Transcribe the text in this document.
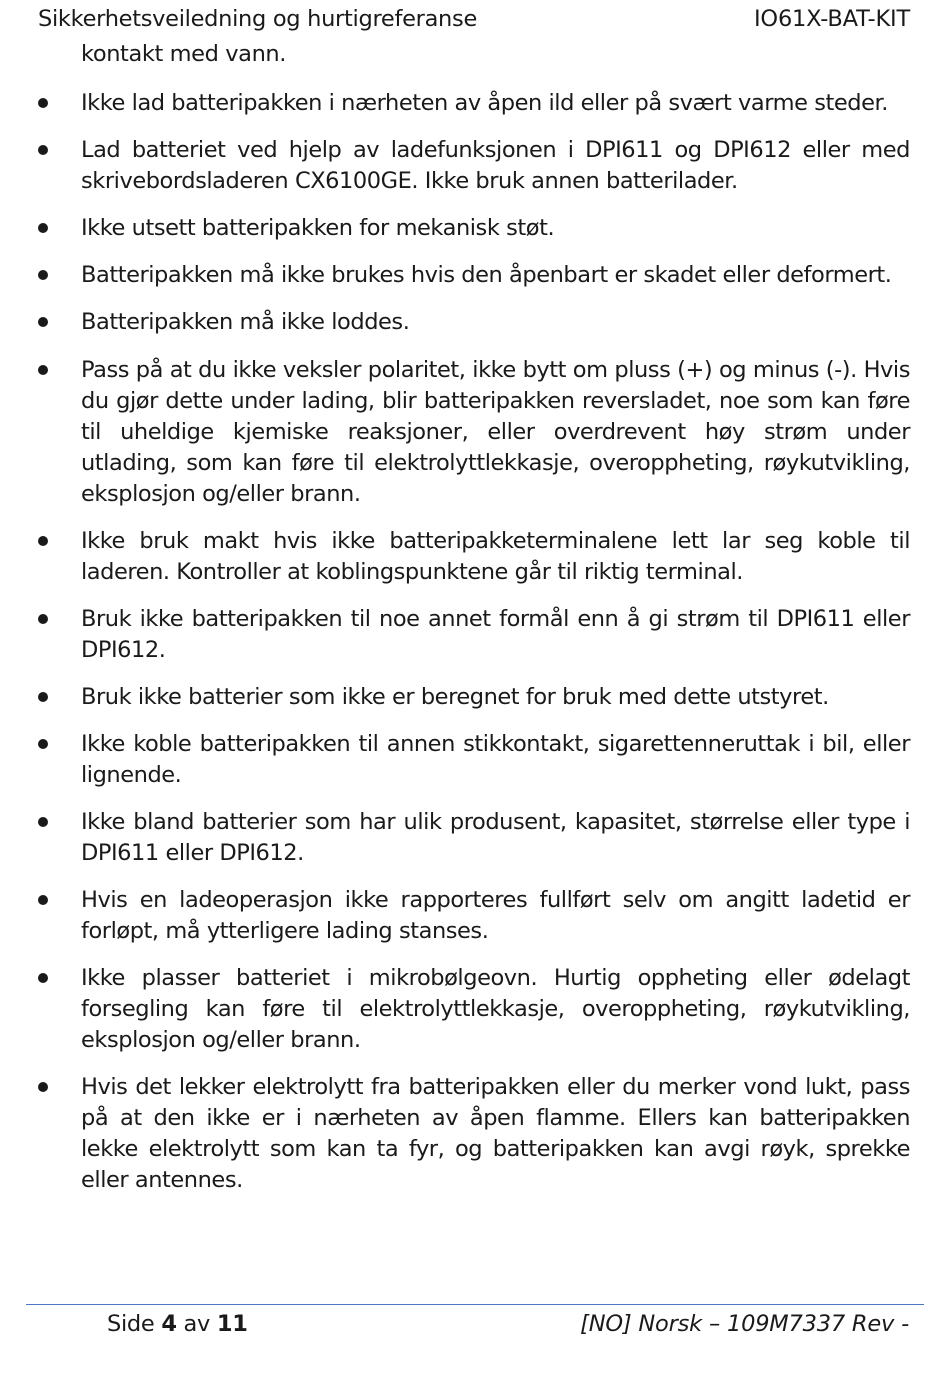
Sikkerhetsveiledning og hurtigreferanse	IO61X-BAT-KIT
kontakt med vann.

Ikke lad batteripakken i nærheten av åpen ild eller på svært varme steder.

Lad batteriet ved hjelp av ladefunksjonen i DPI611 og DPI612 eller med skrivebordsladeren CX6100GE. Ikke bruk annen batterilader.

Ikke utsett batteripakken for mekanisk støt.

Batteripakken må ikke brukes hvis den åpenbart er skadet eller deformert.

Batteripakken må ikke loddes.

Pass på at du ikke veksler polaritet, ikke bytt om pluss (+) og minus (-). Hvis du gjør dette under lading, blir batteripakken reversladet, noe som kan føre til uheldige kjemiske reaksjoner, eller overdrevent høy strøm under utlading, som kan føre til elektrolyttlekkasje, overoppheting, røykutvikling, eksplosjon og/eller brann.

Ikke bruk makt hvis ikke batteripakketerminalene lett lar seg koble til laderen. Kontroller at koblingspunktene går til riktig terminal.

Bruk ikke batteripakken til noe annet formål enn å gi strøm til DPI611 eller DPI612.

Bruk ikke batterier som ikke er beregnet for bruk med dette utstyret.

Ikke koble batteripakken til annen stikkontakt, sigarettenneruttak i bil, eller lignende.

Ikke bland batterier som har ulik produsent, kapasitet, størrelse eller type i DPI611 eller DPI612.

Hvis en ladeoperasjon ikke rapporteres fullført selv om angitt ladetid er forløpt, må ytterligere lading stanses.

Ikke plasser batteriet i mikrobølgeovn. Hurtig oppheting eller ødelagt forsegling kan føre til elektrolyttlekkasje, overoppheting, røykutvikling, eksplosjon og/eller brann.

Hvis det lekker elektrolytt fra batteripakken eller du merker vond lukt, pass på at den ikke er i nærheten av åpen flamme. Ellers kan batteripakken lekke elektrolytt som kan ta fyr, og batteripakken kan avgi røyk, sprekke eller antennes.

Side 4 av 11	[NO] Norsk – 109M7337 Rev -
